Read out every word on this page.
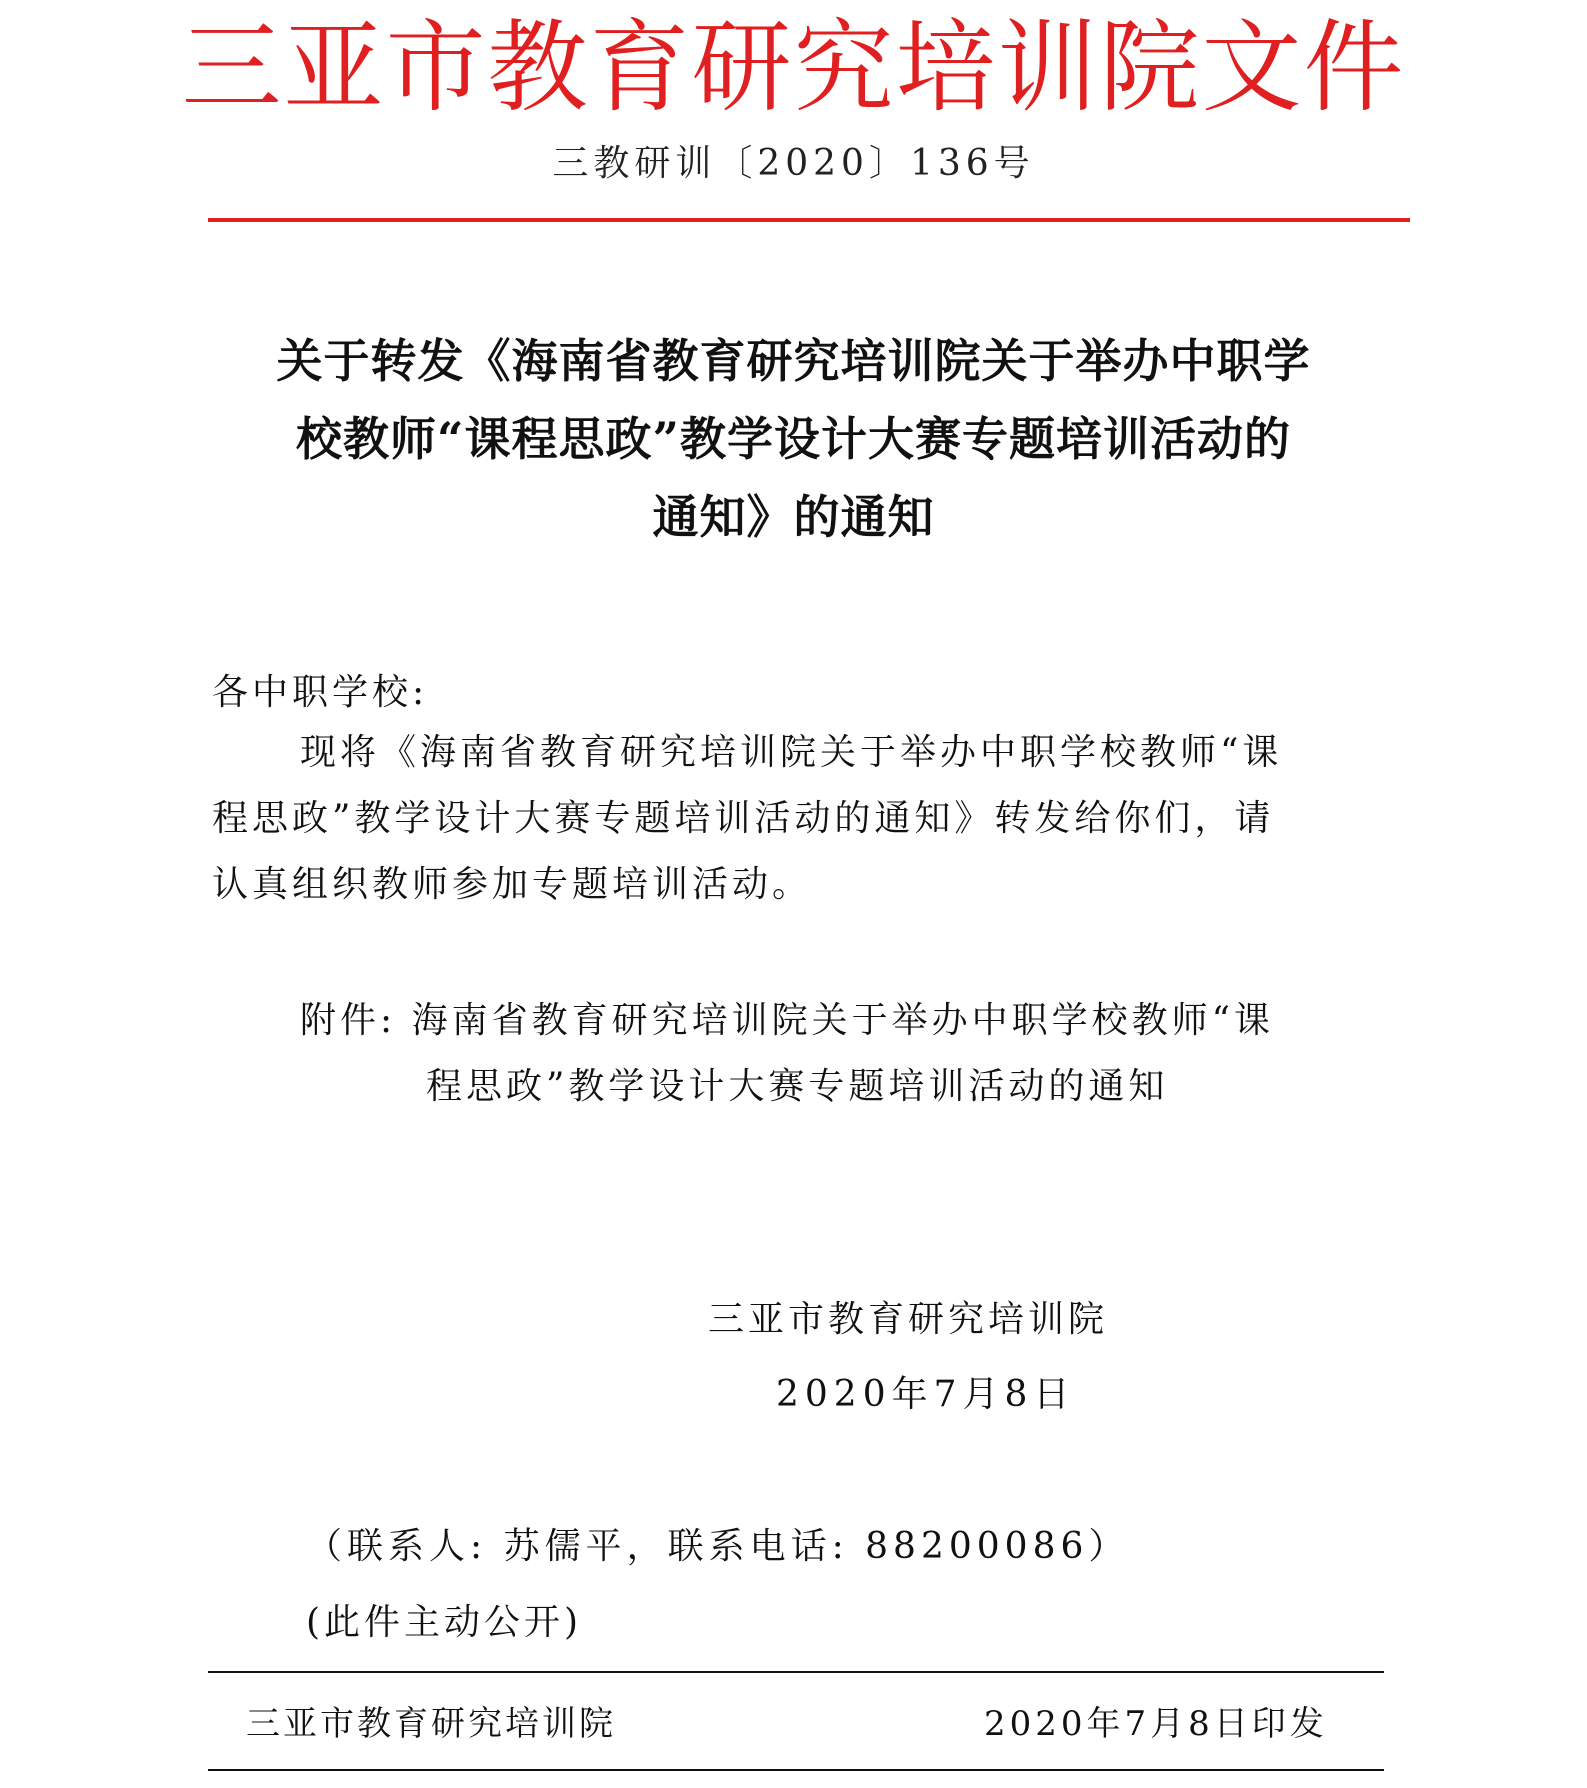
三亚市教育研究培训院文件
三教研训〔2020〕136号
关于转发《海南省教育研究培训院关于举办中职学
校教师“课程思政”教学设计大赛专题培训活动的
通知》的通知
各中职学校:
现将《海南省教育研究培训院关于举办中职学校教师“课
程思政”教学设计大赛专题培训活动的通知》转发给你们，请
认真组织教师参加专题培训活动。
附件: 海南省教育研究培训院关于举办中职学校教师“课
程思政”教学设计大赛专题培训活动的通知
三亚市教育研究培训院
2020年7月8日
（联系人: 苏儒平，联系电话: 88200086）
(此件主动公开)
三亚市教育研究培训院	2020年7月8日印发
